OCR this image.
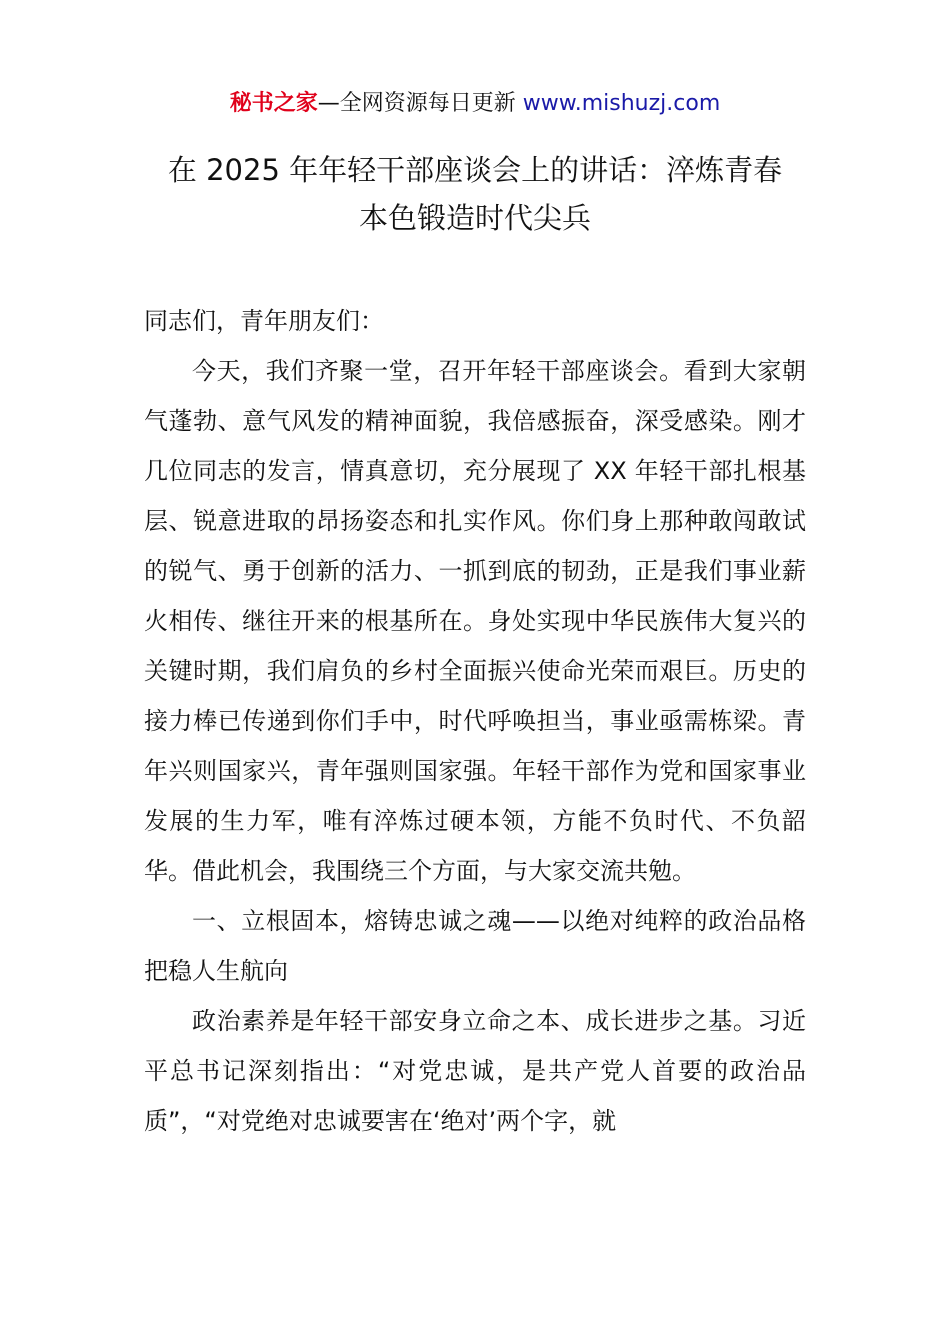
秘书之家—全网资源每日更新 www.mishuzj.com
在 2025 年年轻干部座谈会上的讲话：淬炼青春
本色锻造时代尖兵

同志们，青年朋友们：

今天，我们齐聚一堂，召开年轻干部座谈会。看到大家朝气蓬勃、意气风发的精神面貌，我倍感振奋，深受感染。刚才几位同志的发言，情真意切，充分展现了 XX 年轻干部扎根基层、锐意进取的昂扬姿态和扎实作风。你们身上那种敢闯敢试的锐气、勇于创新的活力、一抓到底的韧劲，正是我们事业薪火相传、继往开来的根基所在。身处实现中华民族伟大复兴的关键时期，我们肩负的乡村全面振兴使命光荣而艰巨。历史的接力棒已传递到你们手中，时代呼唤担当，事业亟需栋梁。青年兴则国家兴，青年强则国家强。年轻干部作为党和国家事业发展的生力军，唯有淬炼过硬本领，方能不负时代、不负韶华。借此机会，我围绕三个方面，与大家交流共勉。

一、立根固本，熔铸忠诚之魂——以绝对纯粹的政治品格把稳人生航向

政治素养是年轻干部安身立命之本、成长进步之基。习近平总书记深刻指出：“对党忠诚，是共产党人首要的政治品质”，“对党绝对忠诚要害在‘绝对’两个字，就
